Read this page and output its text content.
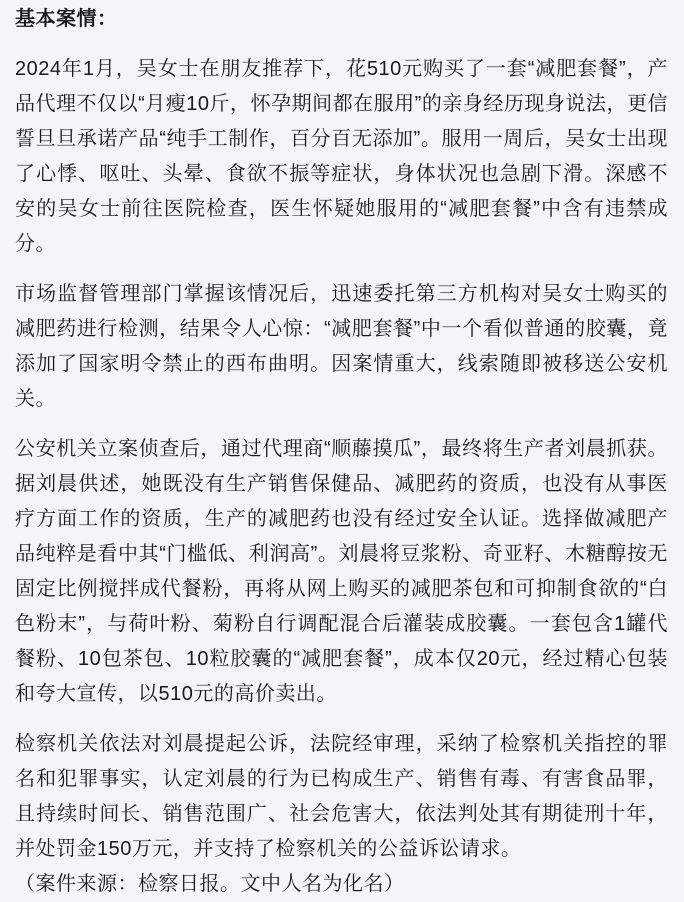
基本案情：

2024年1月，吴女士在朋友推荐下，花510元购买了一套“减肥套餐”，产品代理不仅以“月瘦10斤，怀孕期间都在服用”的亲身经历现身说法，更信誓旦旦承诺产品“纯手工制作，百分百无添加”。服用一周后，吴女士出现了心悸、呕吐、头晕、食欲不振等症状，身体状况也急剧下滑。深感不安的吴女士前往医院检查，医生怀疑她服用的“减肥套餐”中含有违禁成分。

市场监督管理部门掌握该情况后，迅速委托第三方机构对吴女士购买的减肥药进行检测，结果令人心惊：“减肥套餐”中一个看似普通的胶囊，竟添加了国家明令禁止的西布曲明。因案情重大，线索随即被移送公安机关。

公安机关立案侦查后，通过代理商“顺藤摸瓜”，最终将生产者刘晨抓获。据刘晨供述，她既没有生产销售保健品、减肥药的资质，也没有从事医疗方面工作的资质，生产的减肥药也没有经过安全认证。选择做减肥产品纯粹是看中其“门槛低、利润高”。刘晨将豆浆粉、奇亚籽、木糖醇按无固定比例搅拌成代餐粉，再将从网上购买的减肥茶包和可抑制食欲的“白色粉末”，与荷叶粉、菊粉自行调配混合后灌装成胶囊。一套包含1罐代餐粉、10包茶包、10粒胶囊的“减肥套餐”，成本仅20元，经过精心包装和夸大宣传，以510元的高价卖出。

检察机关依法对刘晨提起公诉，法院经审理，采纳了检察机关指控的罪名和犯罪事实，认定刘晨的行为已构成生产、销售有毒、有害食品罪，且持续时间长、销售范围广、社会危害大，依法判处其有期徒刑十年，并处罚金150万元，并支持了检察机关的公益诉讼请求。

（案件来源：检察日报。文中人名为化名）
